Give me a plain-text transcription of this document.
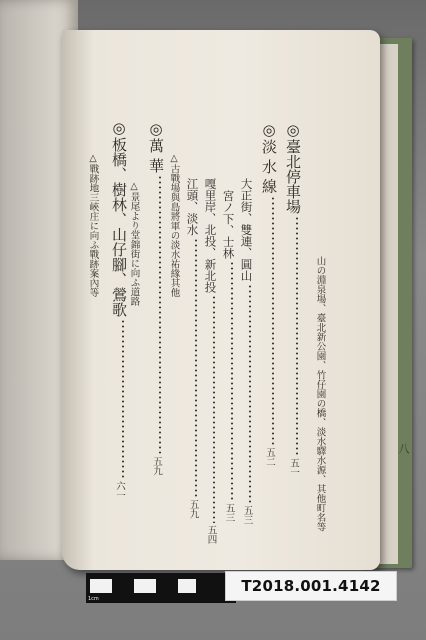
八
山の淵泉場、臺北新公園、竹仔園の橋、淡水驛水源、其他町名等
◎臺北停車場五一
◎淡 水 線五二
大正街、雙連、圓山五三
宮ノ下、士林五三
嘎里岸、北投、新北投五四
江頭、淡水五九
△古戰場與島將軍の淡水祐緣其他
◎萬 華五九
△景尾より堂錦街に向ふ道路
◎板橋、樹林、山仔腳、鶯歌六一
△戰跡地三峽庄に向ふ戰跡案內等
1cm
T2018.001.4142
